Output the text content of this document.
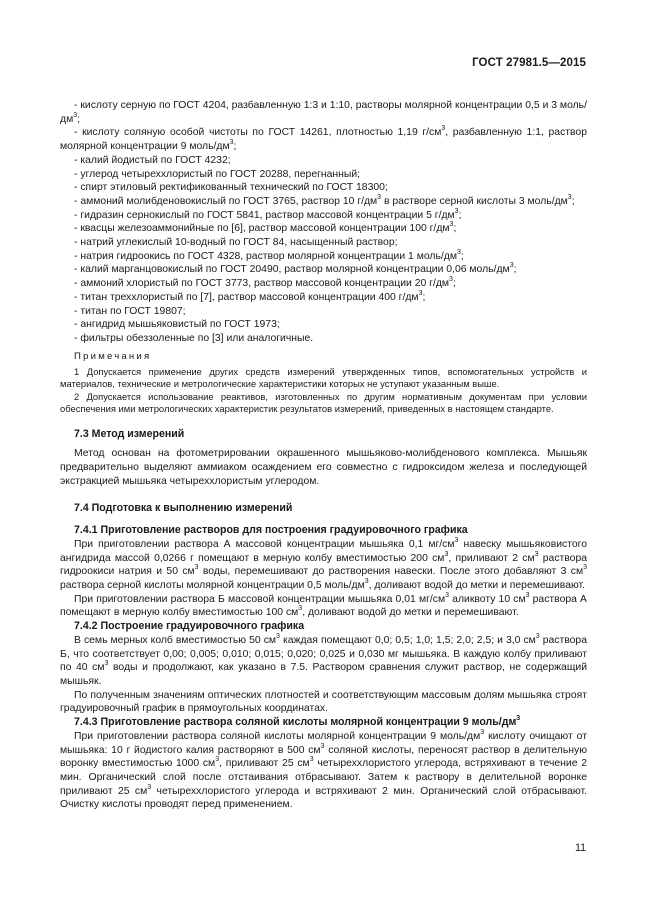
ГОСТ 27981.5—2015

- кислоту серную по ГОСТ 4204, разбавленную 1:3 и 1:10, растворы молярной концентрации 0,5 и 3 моль/$дм^3$;

- кислоту соляную особой чистоты по ГОСТ 14261, плотностью 1,19 $г/см^3$, разбавленную 1:1, раствор молярной концентрации 9 моль/$дм^3$;

- калий йодистый по ГОСТ 4232;

- углерод четыреххлористый по ГОСТ 20288, перегнанный;

- спирт этиловый ректификованный технический по ГОСТ 18300;

- аммоний молибденовокислый по ГОСТ 3765, раствор 10 $г/дм^3$ в растворе серной кислоты 3 моль/$дм^3$;

- гидразин сернокислый по ГОСТ 5841, раствор массовой концентрации 5 $г/дм^3$;

- квасцы железоаммонийные по [6], раствор массовой концентрации 100 $г/дм^3$;

- натрий углекислый 10-водный по ГОСТ 84, насыщенный раствор;

- натрия гидроокись по ГОСТ 4328, раствор молярной концентрации 1 моль/$дм^3$;

- калий марганцовокислый по ГОСТ 20490, раствор молярной концентрации 0,06 моль/$дм^3$;

- аммоний хлористый по ГОСТ 3773, раствор массовой концентрации 20 $г/дм^3$;

- титан треххлористый по [7], раствор массовой концентрации 400 $г/дм^3$;

- титан по ГОСТ 19807;

- ангидрид мышьяковистый по ГОСТ 1973;

- фильтры обеззоленные по [3] или аналогичные.

Примечания

1 Допускается применение других средств измерений утвержденных типов, вспомогательных устройств и материалов, технические и метрологические характеристики которых не уступают указанным выше.

2 Допускается использование реактивов, изготовленных по другим нормативным документам при условии обеспечения ими метрологических характеристик результатов измерений, приведенных в настоящем стандарте.

7.3 Метод измерений

Метод основан на фотометрировании окрашенного мышьяково-молибденового комплекса. Мышьяк предварительно выделяют аммиаком осаждением его совместно с гидроксидом железа и последующей экстракцией мышьяка четыреххлористым углеродом.

7.4 Подготовка к выполнению измерений

7.4.1 Приготовление растворов для построения градуировочного графика

При приготовлении раствора А массовой концентрации мышьяка 0,1 $мг/см^3$ навеску мышьяковистого ангидрида массой 0,0266 г помещают в мерную колбу вместимостью 200 $см^3$, приливают 2 $см^3$ раствора гидроокиси натрия и 50 $см^3$ воды, перемешивают до растворения навески. После этого добавляют 3 $см^3$ раствора серной кислоты молярной концентрации 0,5 моль/$дм^3$, доливают водой до метки и перемешивают.

При приготовлении раствора Б массовой концентрации мышьяка 0,01 $мг/см^3$ аликвоту 10 $см^3$ раствора А помещают в мерную колбу вместимостью 100 $см^3$, доливают водой до метки и перемешивают.

7.4.2 Построение градуировочного графика

В семь мерных колб вместимостью 50 $см^3$ каждая помещают 0,0; 0,5; 1,0; 1,5; 2,0; 2,5; и 3,0 $см^3$ раствора Б, что соответствует 0,00; 0,005; 0,010; 0,015; 0,020; 0,025 и 0,030 мг мышьяка. В каждую колбу приливают по 40 $см^3$ воды и продолжают, как указано в 7.5. Раствором сравнения служит раствор, не содержащий мышьяк.

По полученным значениям оптических плотностей и соответствующим массовым долям мышьяка строят градуировочный график в прямоугольных координатах.

7.4.3 Приготовление раствора соляной кислоты молярной концентрации 9 моль/$дм^3$

При приготовлении раствора соляной кислоты молярной концентрации 9 моль/$дм^3$ кислоту очищают от мышьяка: 10 г йодистого калия растворяют в 500 $см^3$ соляной кислоты, переносят раствор в делительную воронку вместимостью 1000 $см^3$, приливают 25 $см^3$ четыреххлористого углерода, встряхивают в течение 2 мин. Органический слой после отстаивания отбрасывают. Затем к раствору в делительной воронке приливают 25 $см^3$ четыреххлористого углерода и встряхивают 2 мин. Органический слой отбрасывают. Очистку кислоты проводят перед применением.

11
